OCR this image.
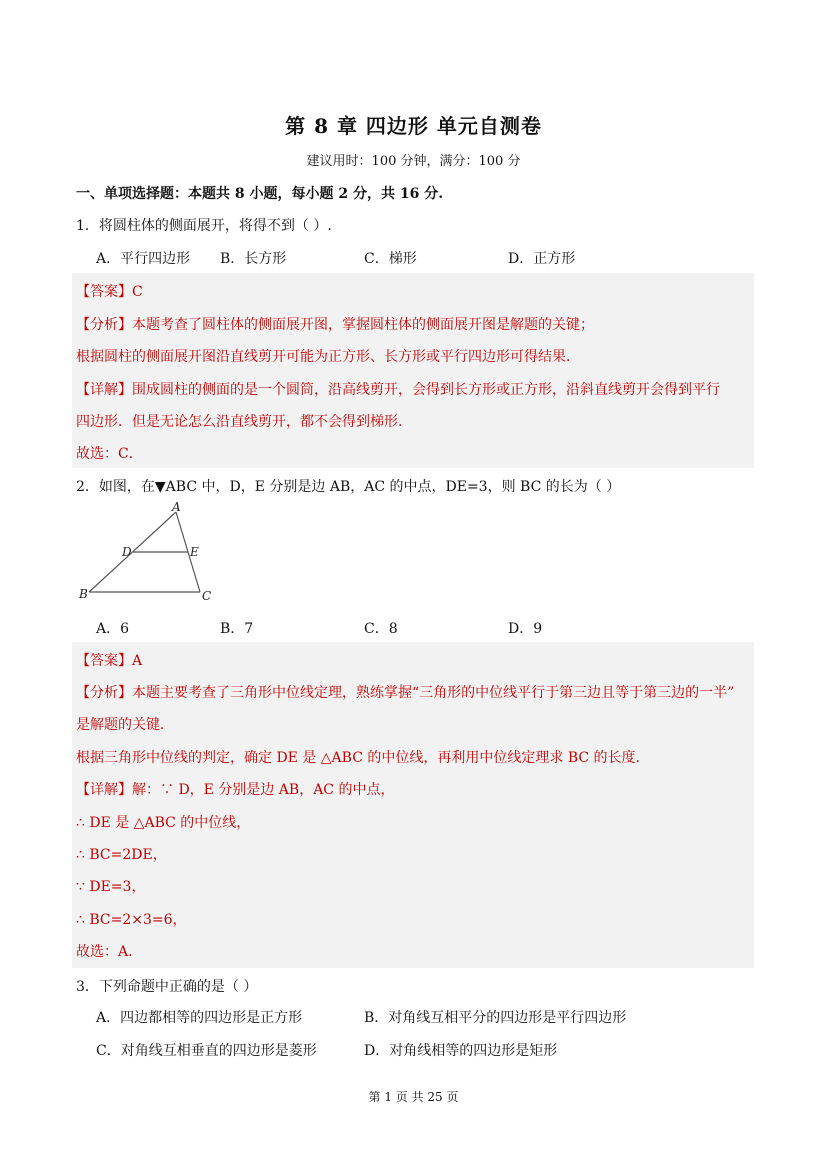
第 8 章 四边形 单元自测卷
建议用时：100 分钟，满分：100 分
一、单项选择题：本题共 8 小题，每小题 2 分，共 16 分.
1．将圆柱体的侧面展开，将得不到（ ）.
A．平行四边形 B．长方形	C．梯形	D．正方形
【答案】C
【分析】本题考查了圆柱体的侧面展开图，掌握圆柱体的侧面展开图是解题的关键；
根据圆柱的侧面展开图沿直线剪开可能为正方形、长方形或平行四边形可得结果.
【详解】围成圆柱的侧面的是一个圆筒，沿高线剪开，会得到长方形或正方形，沿斜直线剪开会得到平行
四边形．但是无论怎么沿直线剪开，都不会得到梯形.
故选：C．
2．如图，在▼ABC 中，D，E 分别是边 AB，AC 的中点，DE=3，则 BC 的长为（ ）
A
B	C
D	E
A．6	B．7	C．8	D．9
【答案】A
【分析】本题主要考查了三角形中位线定理，熟练掌握“三角形的中位线平行于第三边且等于第三边的一半”
是解题的关键．
根据三角形中位线的判定，确定 DE 是 △ABC 的中位线，再利用中位线定理求 BC 的长度.
【详解】解：∵ D，E 分别是边 AB，AC 的中点，
∴ DE 是 △ABC 的中位线，
∴ BC=2DE，
∵ DE=3，
∴ BC=2×3=6，
故选：A．
3．下列命题中正确的是（ ）
A．四边都相等的四边形是正方形	B．对角线互相平分的四边形是平行四边形
C．对角线互相垂直的四边形是菱形	D．对角线相等的四边形是矩形
第 1 页 共 25 页
